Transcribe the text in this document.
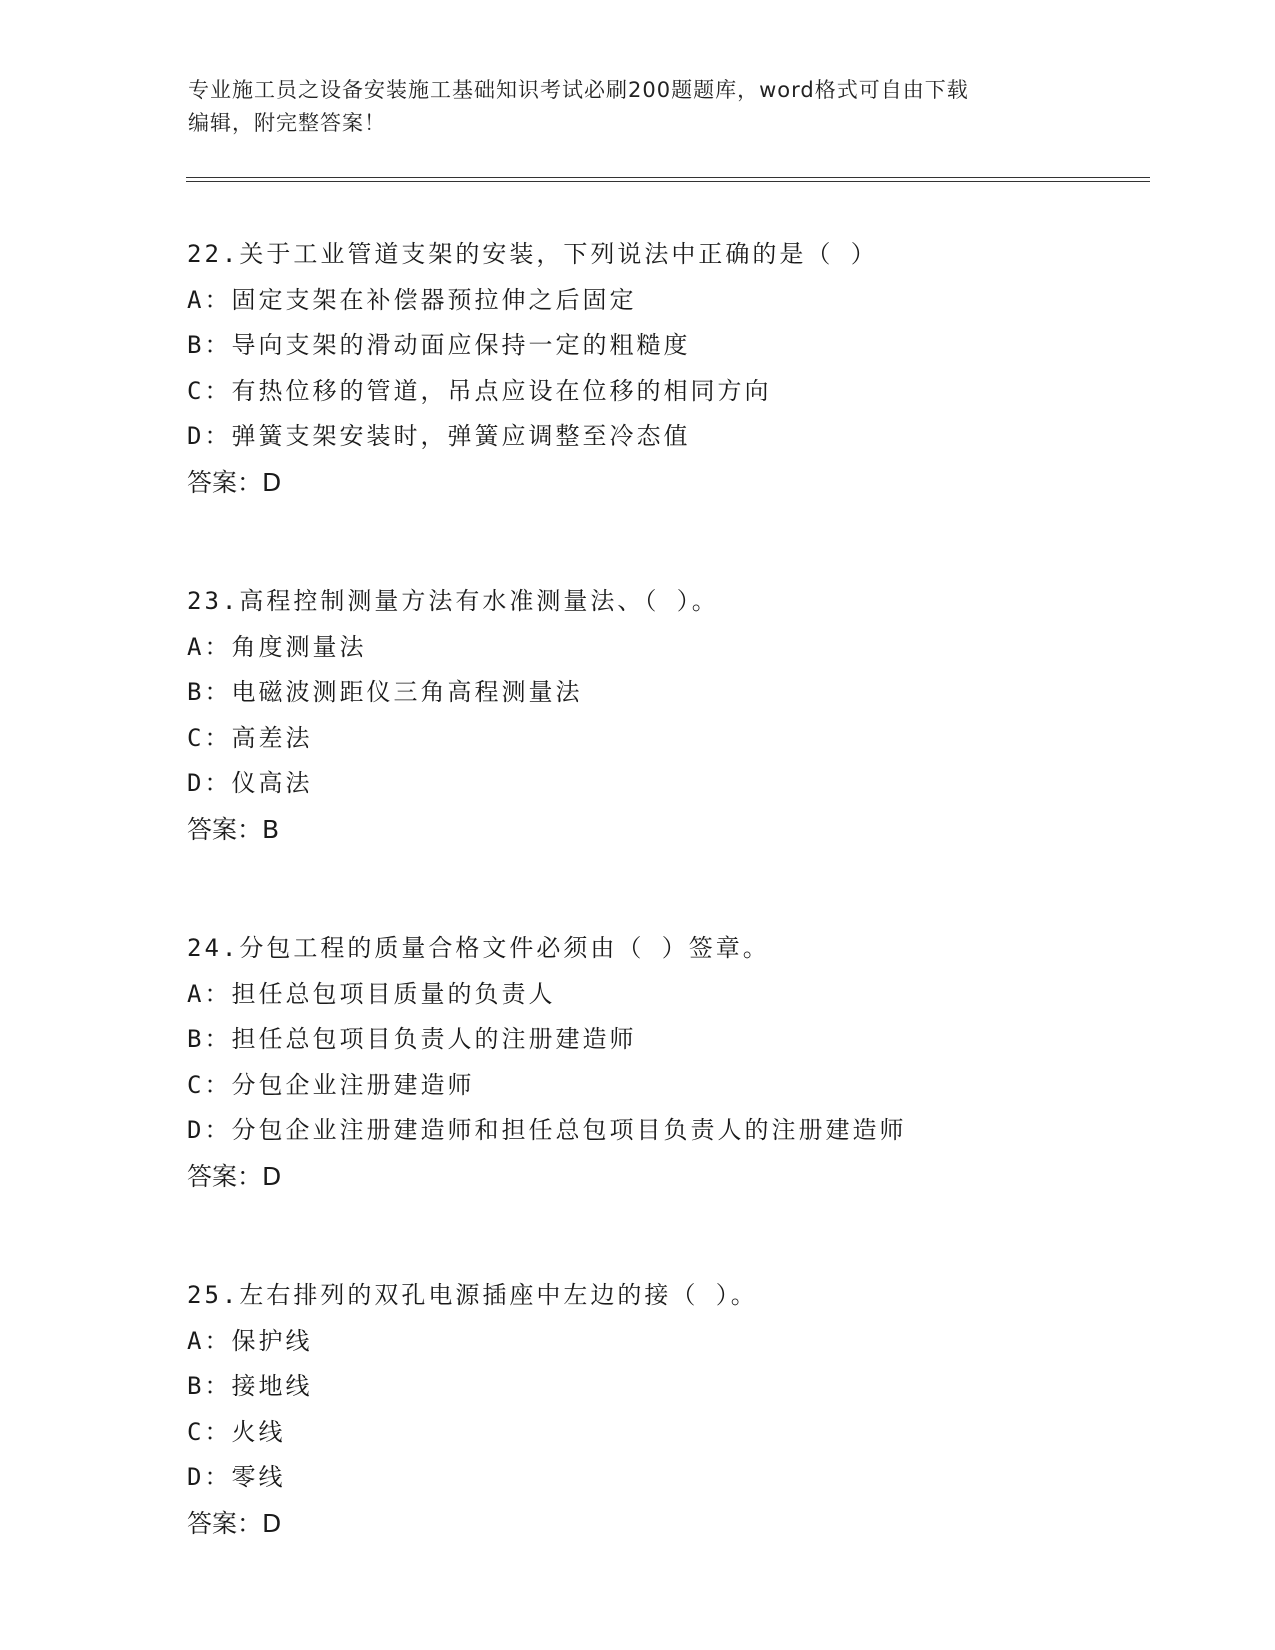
专业施工员之设备安装施工基础知识考试必刷200题题库，word格式可自由下载
编辑，附完整答案！
22.关于工业管道支架的安装，下列说法中正确的是（ ）
A：固定支架在补偿器预拉伸之后固定
B：导向支架的滑动面应保持一定的粗糙度
C：有热位移的管道，吊点应设在位移的相同方向
D：弹簧支架安装时，弹簧应调整至冷态值
答案：D
23.高程控制测量方法有水准测量法、（ ）。
A：角度测量法
B：电磁波测距仪三角高程测量法
C：高差法
D：仪高法
答案：B
24.分包工程的质量合格文件必须由（ ）签章。
A：担任总包项目质量的负责人
B：担任总包项目负责人的注册建造师
C：分包企业注册建造师
D：分包企业注册建造师和担任总包项目负责人的注册建造师
答案：D
25.左右排列的双孔电源插座中左边的接（ ）。
A：保护线
B：接地线
C：火线
D：零线
答案：D
